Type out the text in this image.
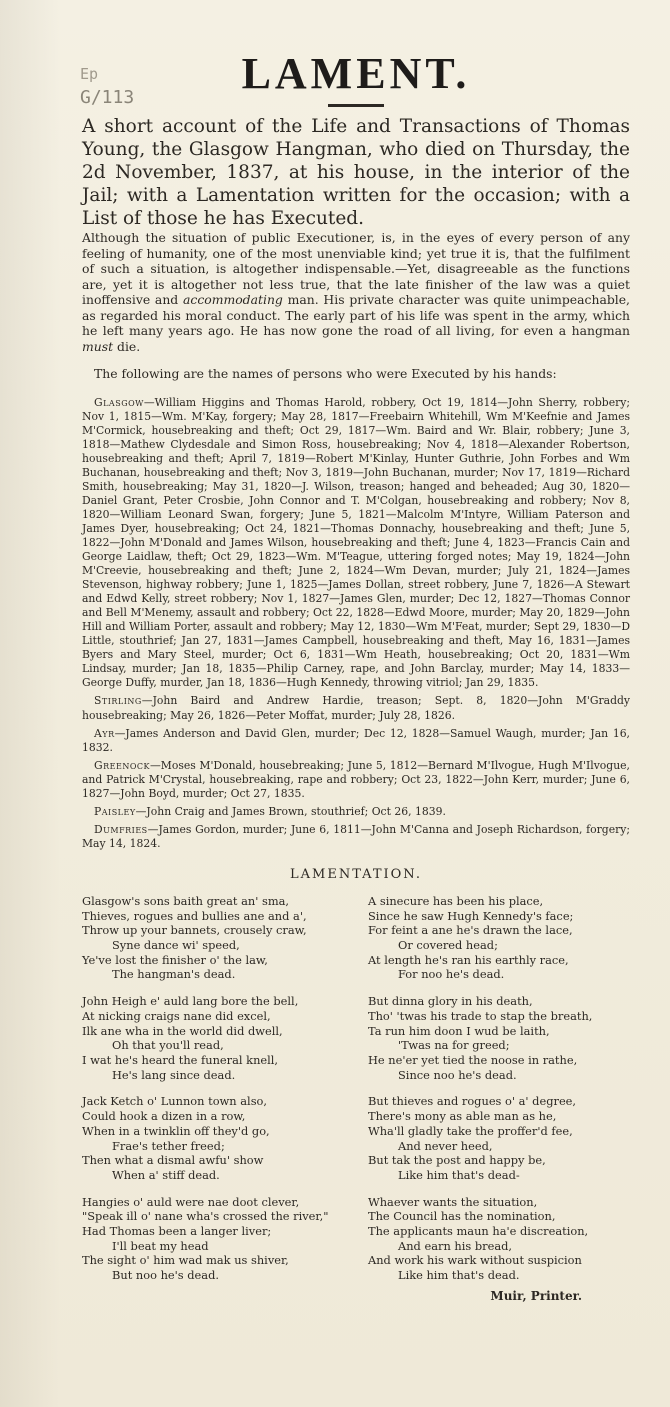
Ep
G/113	LAMENT.

A short account of the Life and Transactions of Thomas Young, the Glasgow Hangman, who died on Thursday, the 2d November, 1837, at his house, in the interior of the Jail; with a Lamentation written for the occasion; with a List of those he has Executed.

Although the situation of public Executioner, is, in the eyes of every person of any feeling of humanity, one of the most unenviable kind; yet true it is, that the fulfilment of such a situation, is altogether indispensable.—Yet, disagreeable as the functions are, yet it is altogether not less true, that the late finisher of the law was a quiet inoffensive and accommodating man. His private character was quite unimpeachable, as regarded his moral conduct. The early part of his life was spent in the army, which he left many years ago. He has now gone the road of all living, for even a hangman must die.

The following are the names of persons who were Executed by his hands:

Glasgow—William Higgins and Thomas Harold, robbery, Oct 19, 1814—John Sherry, robbery; Nov 1, 1815—Wm. M'Kay, forgery; May 28, 1817—Freebairn Whitehill, Wm M'Keefnie and James M'Cormick, housebreaking and theft; Oct 29, 1817—Wm. Baird and Wr. Blair, robbery; June 3, 1818—Mathew Clydesdale and Simon Ross, housebreaking; Nov 4, 1818—Alexander Robertson, housebreaking and theft; April 7, 1819—Robert M'Kinlay, Hunter Guthrie, John Forbes and Wm Buchanan, housebreaking and theft; Nov 3, 1819—John Buchanan, murder; Nov 17, 1819—Richard Smith, housebreaking; May 31, 1820—J. Wilson, treason; hanged and beheaded; Aug 30, 1820—Daniel Grant, Peter Crosbie, John Connor and T. M'Colgan, housebreaking and robbery; Nov 8, 1820—William Leonard Swan, forgery; June 5, 1821—Malcolm M'Intyre, William Paterson and James Dyer, housebreaking; Oct 24, 1821—Thomas Donnachy, housebreaking and theft; June 5, 1822—John M'Donald and James Wilson, housebreaking and theft; June 4, 1823—Francis Cain and George Laidlaw, theft; Oct 29, 1823—Wm. M'Teague, uttering forged notes; May 19, 1824—John M'Creevie, housebreaking and theft; June 2, 1824—Wm Devan, murder; July 21, 1824—James Stevenson, highway robbery; June 1, 1825—James Dollan, street robbery, June 7, 1826—A Stewart and Edwd Kelly, street robbery; Nov 1, 1827—James Glen, murder; Dec 12, 1827—Thomas Connor and Bell M'Menemy, assault and robbery; Oct 22, 1828—Edwd Moore, murder; May 20, 1829—John Hill and William Porter, assault and robbery; May 12, 1830—Wm M'Feat, murder; Sept 29, 1830—D Little, stouthrief; Jan 27, 1831—James Campbell, housebreaking and theft, May 16, 1831—James Byers and Mary Steel, murder; Oct 6, 1831—Wm Heath, housebreaking; Oct 20, 1831—Wm Lindsay, murder; Jan 18, 1835—Philip Carney, rape, and John Barclay, murder; May 14, 1833—George Duffy, murder, Jan 18, 1836—Hugh Kennedy, throwing vitriol; Jan 29, 1835.

Stirling—John Baird and Andrew Hardie, treason; Sept. 8, 1820—John M'Graddy housebreaking; May 26, 1826—Peter Moffat, murder; July 28, 1826.

Ayr—James Anderson and David Glen, murder; Dec 12, 1828—Samuel Waugh, murder; Jan 16, 1832.

Greenock—Moses M'Donald, housebreaking; June 5, 1812—Bernard M'Ilvogue, Hugh M'Ilvogue, and Patrick M'Crystal, housebreaking, rape and robbery; Oct 23, 1822—John Kerr, murder; June 6, 1827—John Boyd, murder; Oct 27, 1835.

Paisley—John Craig and James Brown, stouthrief; Oct 26, 1839.

Dumfries—James Gordon, murder; June 6, 1811—John M'Canna and Joseph Richardson, forgery; May 14, 1824.

LAMENTATION.
Glasgow's sons baith great an' sma,
Thieves, rogues and bullies ane and a',
Throw up your bannets, crousely craw,
Syne dance wi' speed,
Ye've lost the finisher o' the law,
The hangman's dead.
John Heigh e' auld lang bore the bell,
At nicking craigs nane did excel,
Ilk ane wha in the world did dwell,
Oh that you'll read,
I wat he's heard the funeral knell,
He's lang since dead.
Jack Ketch o' Lunnon town also,
Could hook a dizen in a row,
When in a twinklin off they'd go,
Frae's tether freed;
Then what a dismal awfu' show
When a' stiff dead.
Hangies o' auld were nae doot clever,
"Speak ill o' nane wha's crossed the river,"
Had Thomas been a langer liver;
I'll beat my head
The sight o' him wad mak us shiver,
But noo he's dead.
A sinecure has been his place,
Since he saw Hugh Kennedy's face;
For feint a ane he's drawn the lace,
Or covered head;
At length he's ran his earthly race,
For noo he's dead.
But dinna glory in his death,
Tho' 'twas his trade to stap the breath,
Ta run him doon I wud be laith,
'Twas na for greed;
He ne'er yet tied the noose in rathe,
Since noo he's dead.
But thieves and rogues o' a' degree,
There's mony as able man as he,
Wha'll gladly take the proffer'd fee,
And never heed,
But tak the post and happy be,
Like him that's dead-
Whaever wants the situation,
The Council has the nomination,
The applicants maun ha'e discreation,
And earn his bread,
And work his wark without suspicion
Like him that's dead.
Muir, Printer.
